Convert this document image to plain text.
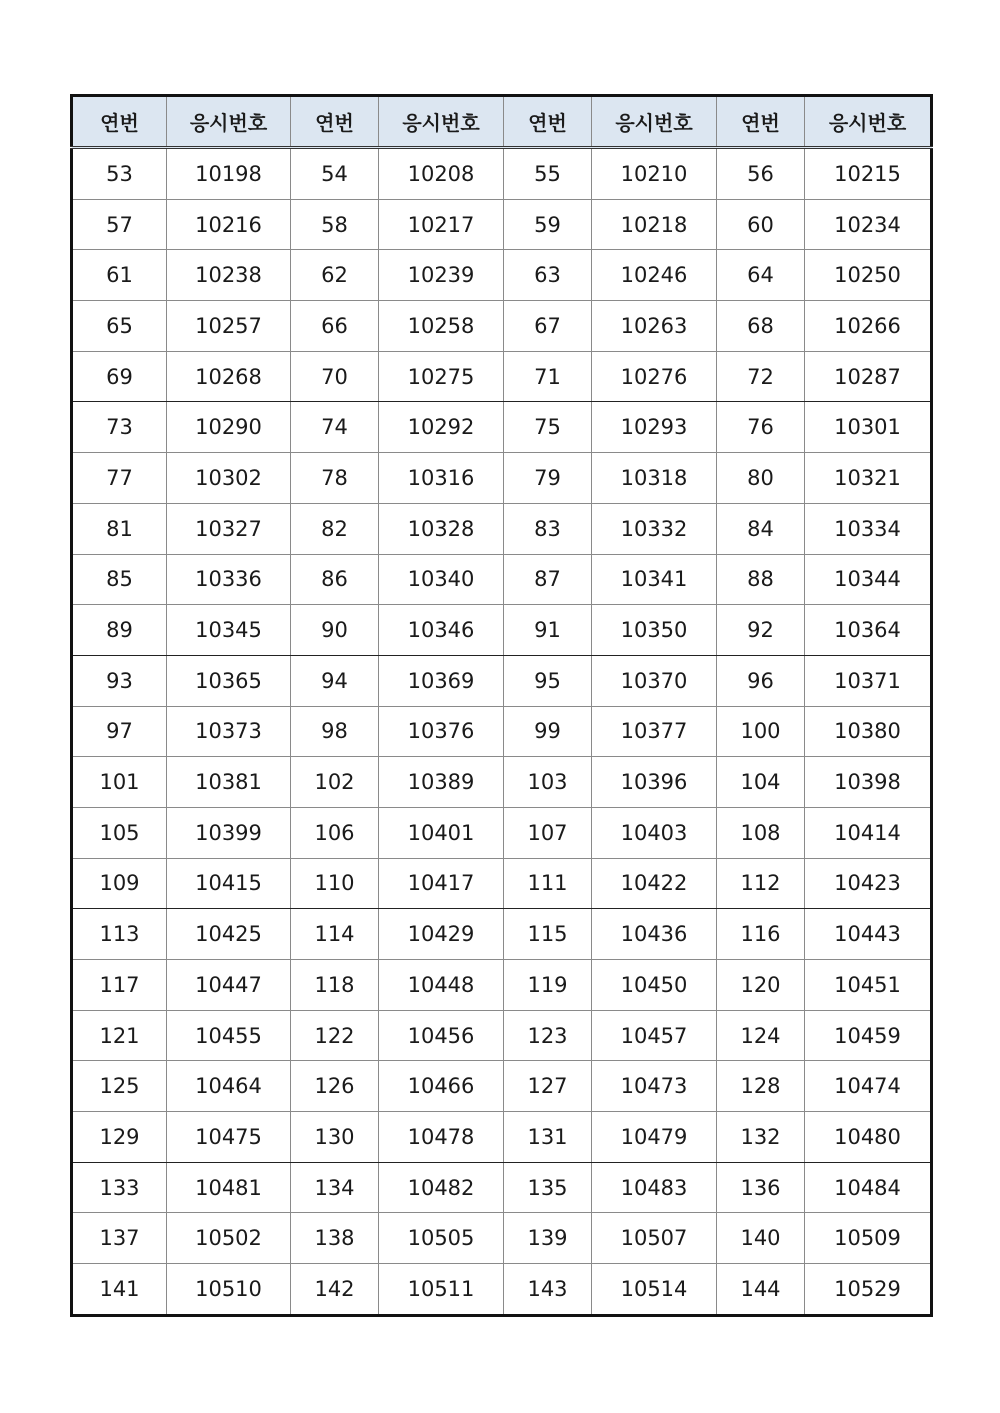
연번	응시번호	연번	응시번호	연번	응시번호	연번	응시번호
53	10198	54	10208	55	10210	56	10215
57	10216	58	10217	59	10218	60	10234
61	10238	62	10239	63	10246	64	10250
65	10257	66	10258	67	10263	68	10266
69	10268	70	10275	71	10276	72	10287
73	10290	74	10292	75	10293	76	10301
77	10302	78	10316	79	10318	80	10321
81	10327	82	10328	83	10332	84	10334
85	10336	86	10340	87	10341	88	10344
89	10345	90	10346	91	10350	92	10364
93	10365	94	10369	95	10370	96	10371
97	10373	98	10376	99	10377	100	10380
101	10381	102	10389	103	10396	104	10398
105	10399	106	10401	107	10403	108	10414
109	10415	110	10417	111	10422	112	10423
113	10425	114	10429	115	10436	116	10443
117	10447	118	10448	119	10450	120	10451
121	10455	122	10456	123	10457	124	10459
125	10464	126	10466	127	10473	128	10474
129	10475	130	10478	131	10479	132	10480
133	10481	134	10482	135	10483	136	10484
137	10502	138	10505	139	10507	140	10509
141	10510	142	10511	143	10514	144	10529
